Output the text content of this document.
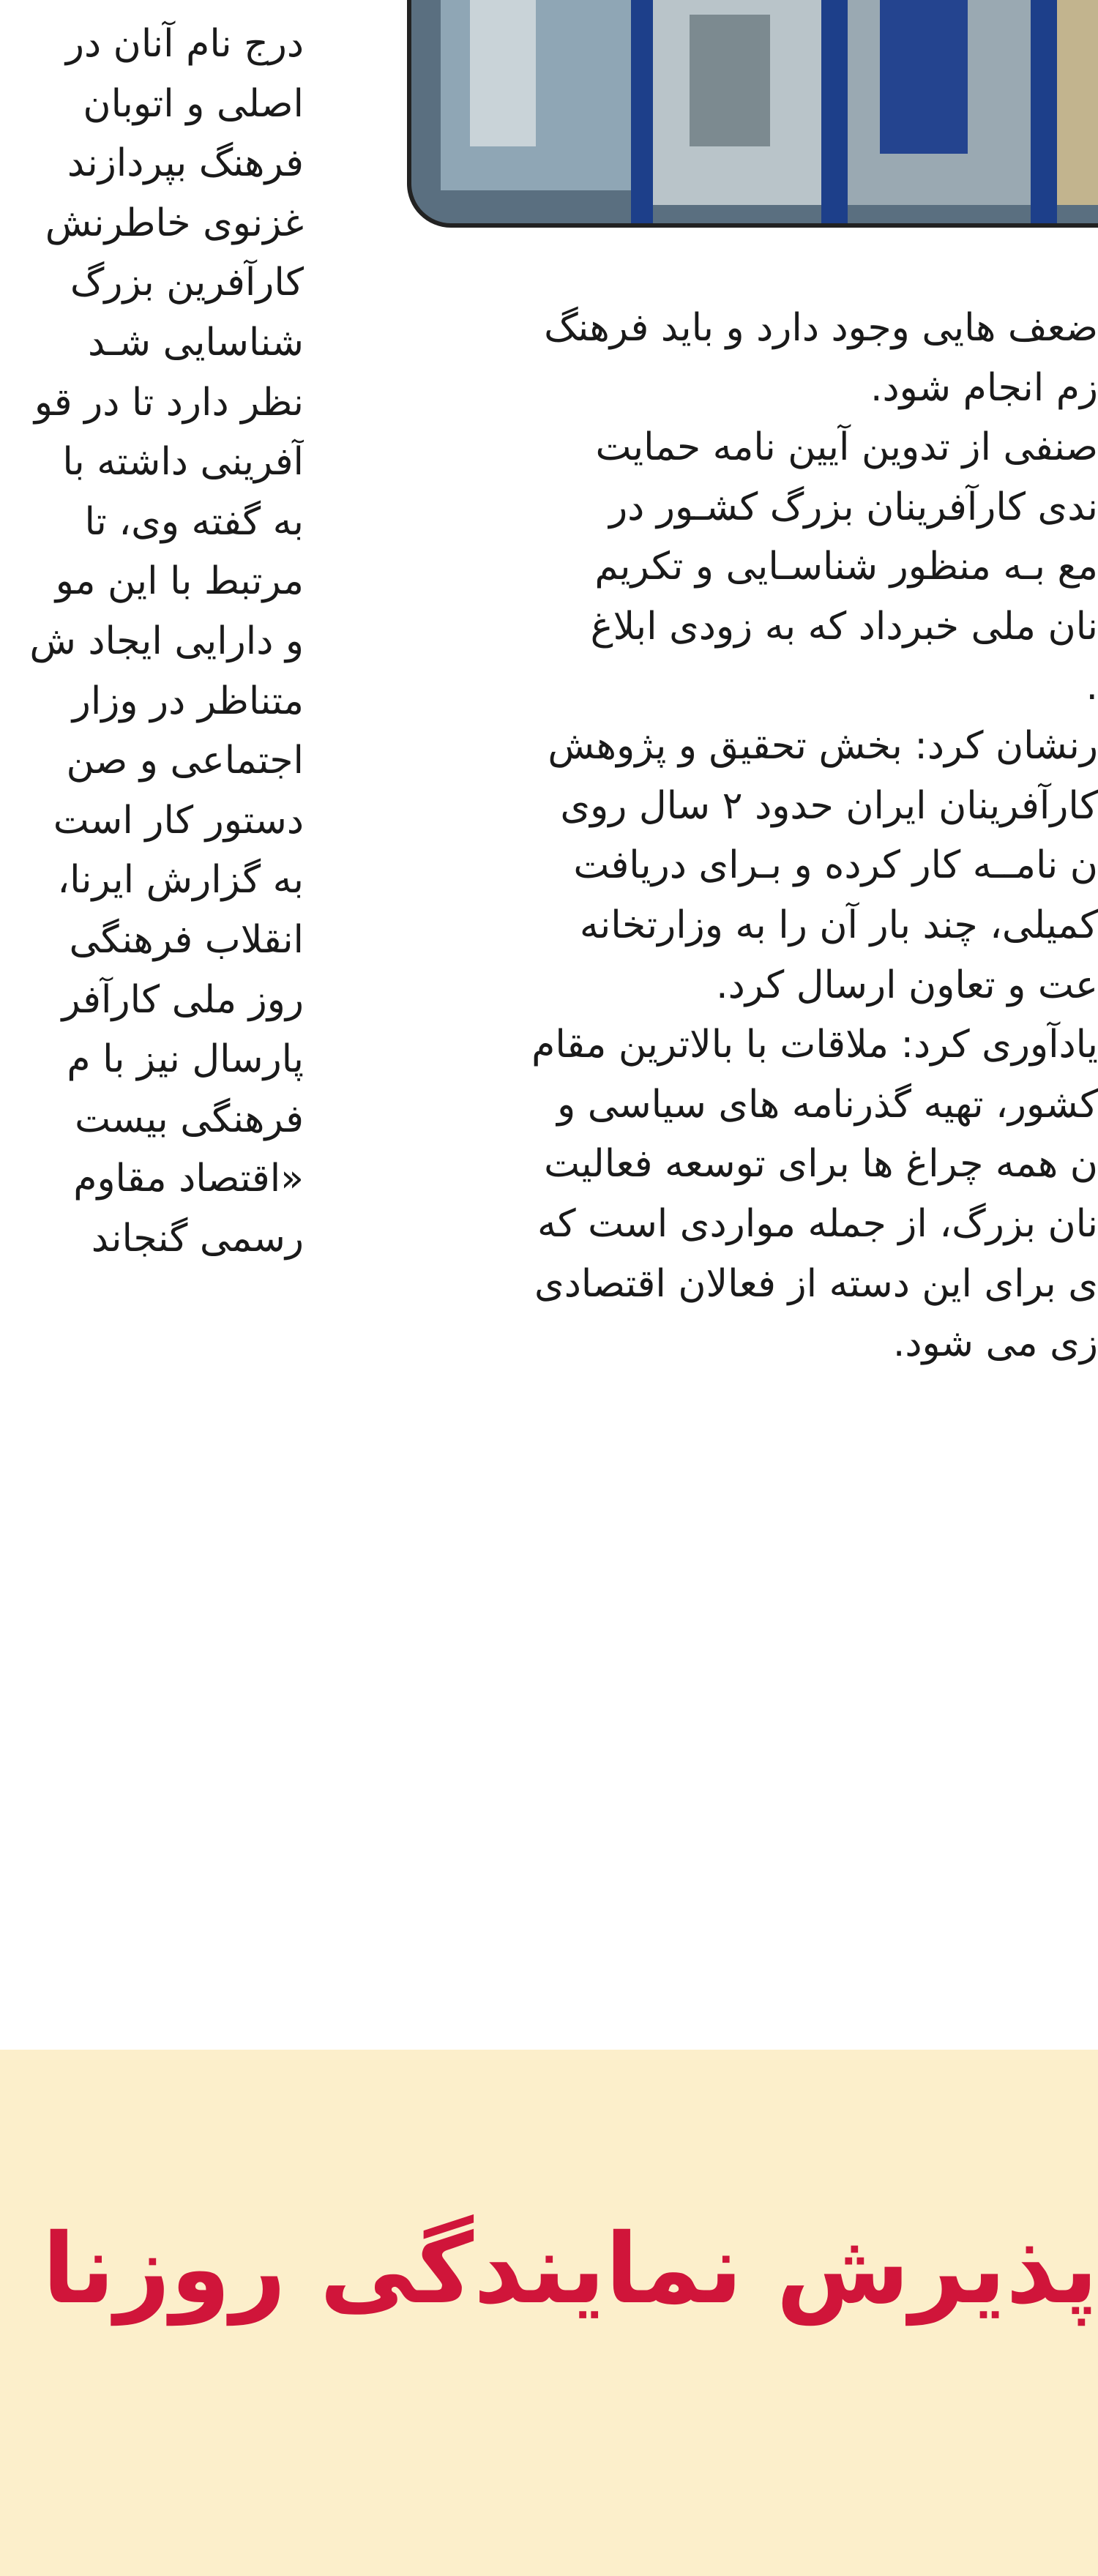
درج نام آنان در
اصلی و اتوبان
فرهنگ بپردازند
غزنوی خاطرنش
کارآفرین بزرگ
شناسایی شـد
نظر دارد تا در قو
آفرینی داشته با
به گفته وی، تا
مرتبط با این مو
و دارایی ایجاد ش
متناظر در وزار
اجتماعی و صن
دستور کار است
به گزارش ایرنا،
انقلاب فرهنگی
روز ملی کارآفر
پارسال نیز با م
فرهنگی بیست
«اقتصاد مقاوم
رسمی گنجاند
ضعف هایی وجود دارد و باید فرهنگ
زم انجام شود.
صنفی از تدوین آیین نامه حمایت
ندی کارآفرینان بزرگ کشـور در
مع بـه منظور شناسـایی و تکریم
نان ملی خبرداد که به زودی ابلاغ
.
رنشان کرد: بخش تحقیق و پژوهش
کارآفرینان ایران حدود ۲ سال روی
ن نامــه کار کرده و بـرای دریافت
کمیلی، چند بار آن را به وزارتخانه
عت و تعاون ارسال کرد.
یادآوری کرد: ملاقات با بالاترین مقام
کشور، تهیه گذرنامه های سیاسی و
ن همه چراغ ها برای توسعه فعالیت
نان بزرگ، از جمله مواردی است که
ی برای این دسته از فعالان اقتصادی
زی می شود.
پذیرش نمایندگی روزنا
